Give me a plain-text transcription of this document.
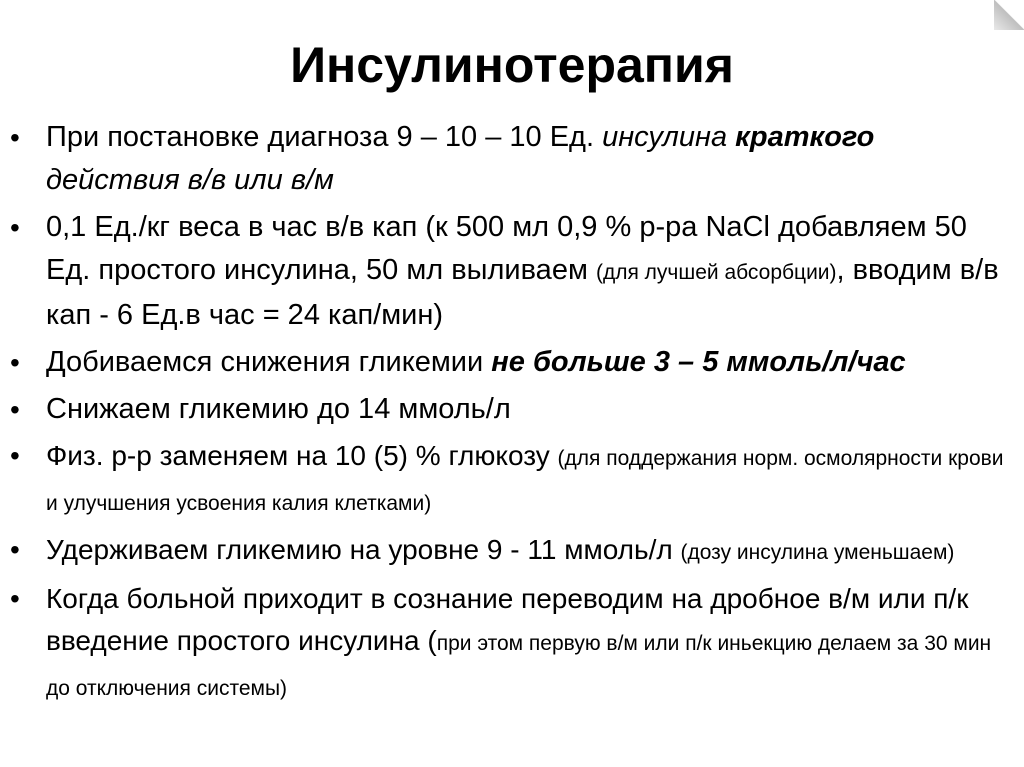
Инсулинотерапия
• При постановке диагноза 9 – 10 – 10 Ед. инсулина краткого действия в/в или в/м
• 0,1 Ед./кг веса в час в/в кап (к 500 мл 0,9 % р-ра NaCl добавляем 50 Ед. простого инсулина, 50 мл выливаем (для лучшей абсорбции), вводим в/в кап - 6 Ед.в час = 24 кап/мин)
• Добиваемся снижения гликемии не больше 3 – 5 ммоль/л/час
• Снижаем гликемию до 14 ммоль/л
• Физ. р-р заменяем на 10 (5) % глюкозу (для поддержания норм. осмолярности крови и улучшения усвоения калия клетками)
• Удерживаем гликемию на уровне 9 - 11 ммоль/л (дозу инсулина уменьшаем)
• Когда больной приходит в сознание переводим на дробное в/м или п/к введение простого инсулина (при этом первую в/м или п/к иньекцию делаем за 30 мин до отключения системы)
